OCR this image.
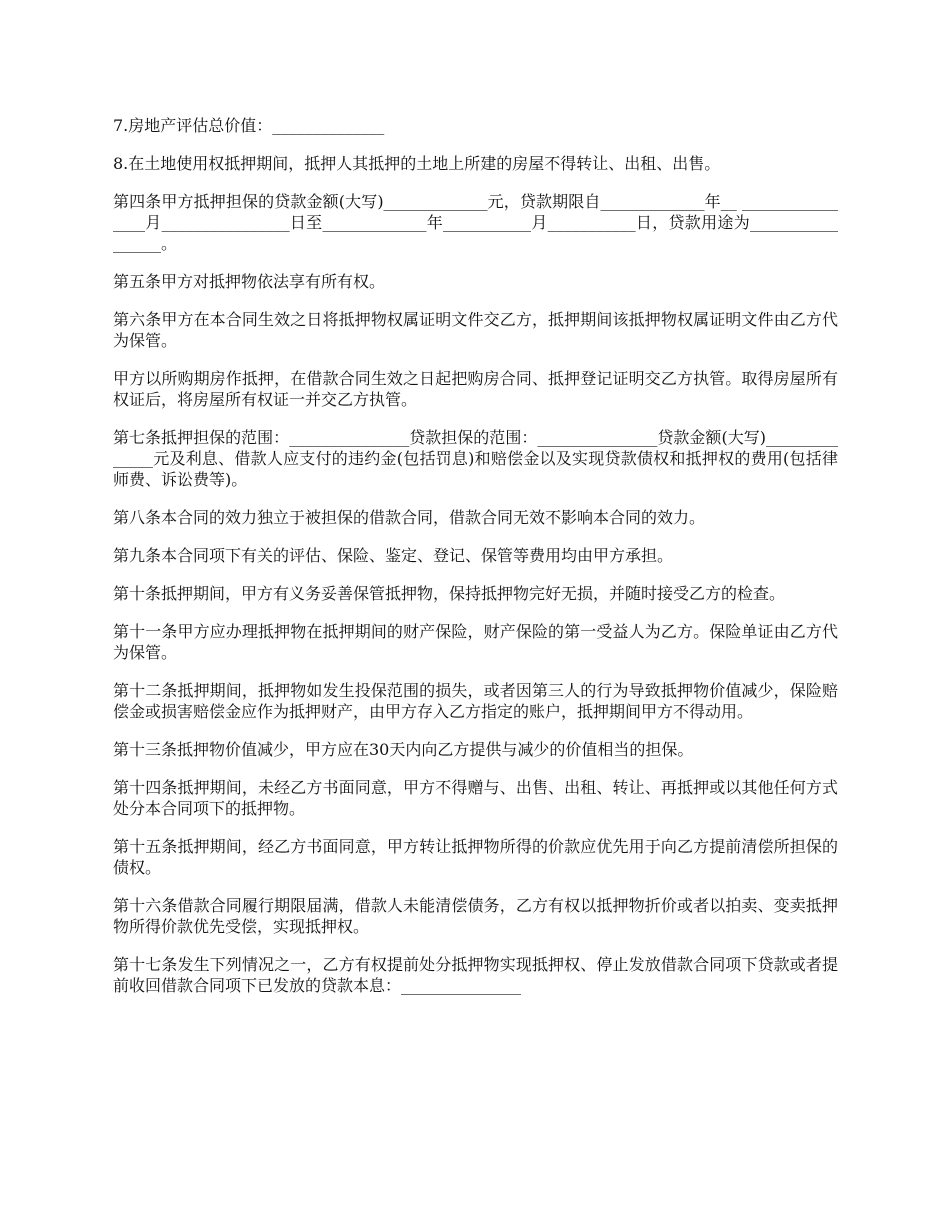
7.房地产评估总价值：______________

8.在土地使用权抵押期间，抵押人其抵押的土地上所建的房屋不得转让、出租、出售。

第四条甲方抵押担保的贷款金额(大写)_____________元，贷款期限自_____________年__ ________________月________________日至_____________年___________月___________日，贷款用途为_________________。

第五条甲方对抵押物依法享有所有权。

第六条甲方在本合同生效之日将抵押物权属证明文件交乙方，抵押期间该抵押物权属证明文件由乙方代为保管。

甲方以所购期房作抵押，在借款合同生效之日起把购房合同、抵押登记证明交乙方执管。取得房屋所有权证后，将房屋所有权证一并交乙方执管。

第七条抵押担保的范围：_______________贷款担保的范围：_______________贷款金额(大写)______________元及利息、借款人应支付的违约金(包括罚息)和赔偿金以及实现贷款债权和抵押权的费用(包括律师费、诉讼费等)。

第八条本合同的效力独立于被担保的借款合同，借款合同无效不影响本合同的效力。

第九条本合同项下有关的评估、保险、鉴定、登记、保管等费用均由甲方承担。

第十条抵押期间，甲方有义务妥善保管抵押物，保持抵押物完好无损，并随时接受乙方的检查。

第十一条甲方应办理抵押物在抵押期间的财产保险，财产保险的第一受益人为乙方。保险单证由乙方代为保管。

第十二条抵押期间，抵押物如发生投保范围的损失，或者因第三人的行为导致抵押物价值减少，保险赔偿金或损害赔偿金应作为抵押财产，由甲方存入乙方指定的账户，抵押期间甲方不得动用。

第十三条抵押物价值减少，甲方应在30天内向乙方提供与减少的价值相当的担保。

第十四条抵押期间，未经乙方书面同意，甲方不得赠与、出售、出租、转让、再抵押或以其他任何方式处分本合同项下的抵押物。

第十五条抵押期间，经乙方书面同意，甲方转让抵押物所得的价款应优先用于向乙方提前清偿所担保的债权。

第十六条借款合同履行期限届满，借款人未能清偿债务，乙方有权以抵押物折价或者以拍卖、变卖抵押物所得价款优先受偿，实现抵押权。

第十七条发生下列情况之一，乙方有权提前处分抵押物实现抵押权、停止发放借款合同项下贷款或者提前收回借款合同项下已发放的贷款本息：_______________
